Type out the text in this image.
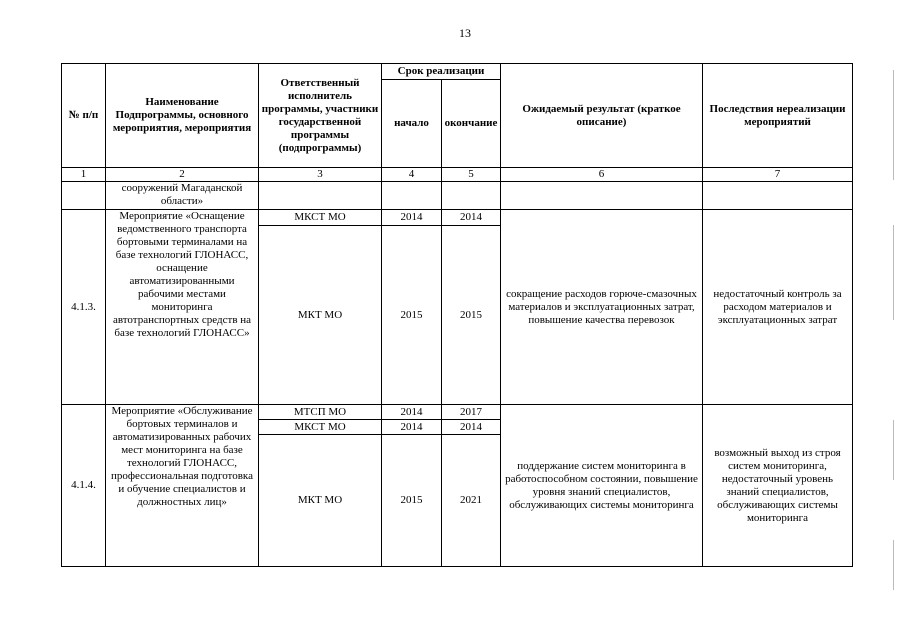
13
№ п/п	Наименование Подпрограммы, основного мероприятия, мероприятия	Ответственный исполнитель программы, участники государственной программы (подпрограммы)	Срок реализации		Ожидаемый результат (краткое описание)	Последствия нереализации мероприятий
			начало	окончание		
1	2	3	4	5	6	7
	сооружений Магаданской области»					
4.1.3.	Мероприятие «Оснащение ведомственного транспорта бортовыми терминалами на базе технологий ГЛОНАСС, оснащение автоматизированными рабочими местами мониторинга автотранспортных средств на базе технологий ГЛОНАСС»	МКСТ МО	2014	2014	сокращение расходов горюче-смазочных материалов и эксплуатационных затрат, повышение качества перевозок	недостаточный контроль за расходом материалов и эксплуатационных затрат
		МКТ МО	2015	2015		
4.1.4.	Мероприятие «Обслуживание бортовых терминалов и автоматизированных рабочих мест мониторинга на базе технологий ГЛОНАСС, профессиональная подготовка и обучение специалистов и должностных лиц»	МТСП МО	2014	2017	поддержание систем мониторинга в работоспособном состоянии, повышение уровня знаний специалистов, обслуживающих системы мониторинга	возможный выход из строя систем мониторинга, недостаточный уровень знаний специалистов, обслуживающих системы мониторинга
		МКСТ МО	2014	2014		
		МКТ МО	2015	2021		
